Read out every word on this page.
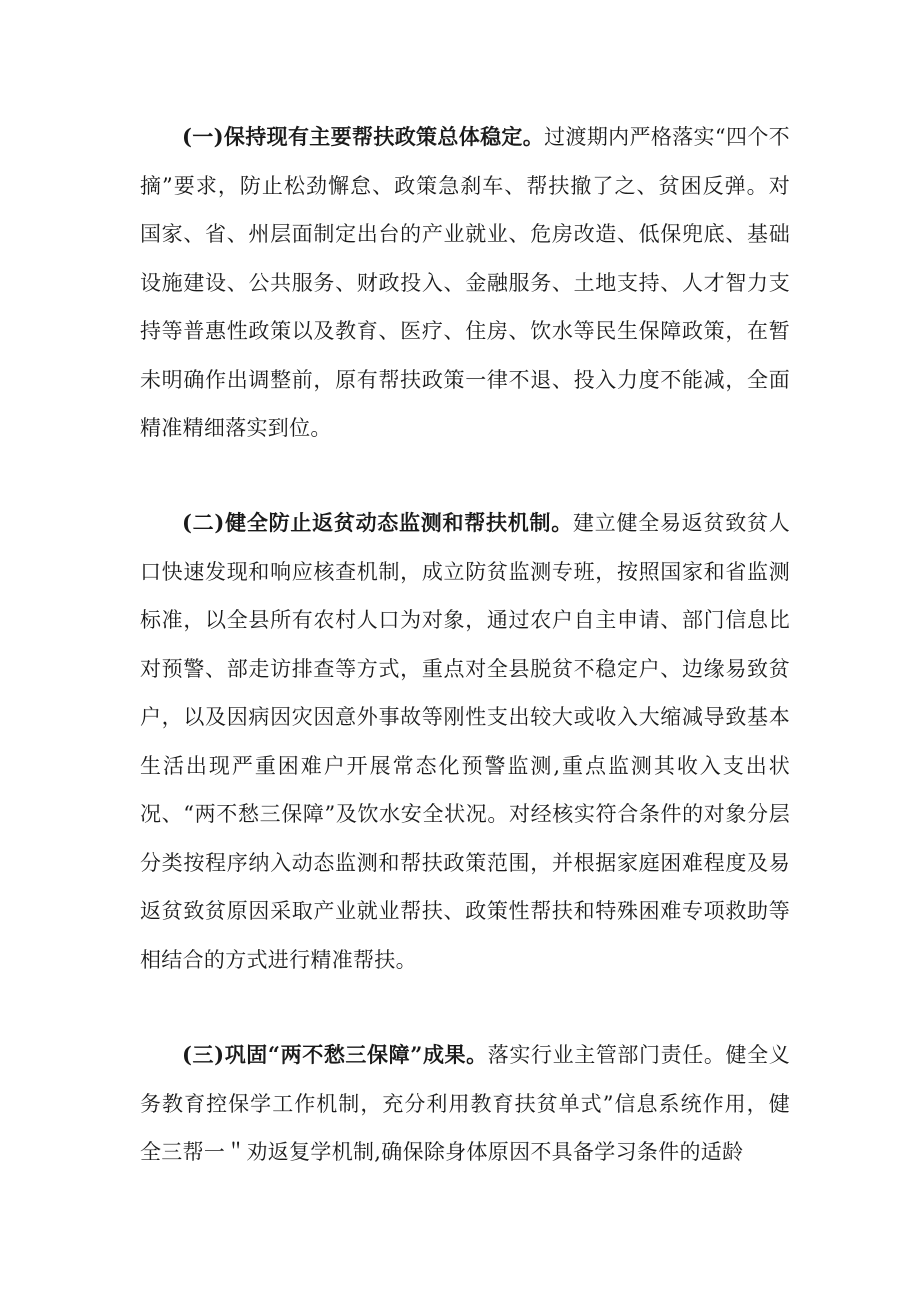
(一)保持现有主要帮扶政策总体稳定。过渡期内严格落实“四个不摘”要求，防止松劲懈怠、政策急刹车、帮扶撤了之、贫困反弹。对国家、省、州层面制定出台的产业就业、危房改造、低保兜底、基础设施建设、公共服务、财政投入、金融服务、土地支持、人才智力支持等普惠性政策以及教育、医疗、住房、饮水等民生保障政策，在暂未明确作出调整前，原有帮扶政策一律不退、投入力度不能减，全面精准精细落实到位。

(二)健全防止返贫动态监测和帮扶机制。建立健全易返贫致贫人口快速发现和响应核查机制，成立防贫监测专班，按照国家和省监测标准，以全县所有农村人口为对象，通过农户自主申请、部门信息比对预警、部走访排查等方式，重点对全县脱贫不稳定户、边缘易致贫户，以及因病因灾因意外事故等刚性支出较大或收入大缩减导致基本生活出现严重困难户开展常态化预警监测,重点监测其收入支出状况、“两不愁三保障”及饮水安全状况。对经核实符合条件的对象分层分类按程序纳入动态监测和帮扶政策范围，并根据家庭困难程度及易返贫致贫原因采取产业就业帮扶、政策性帮扶和特殊困难专项救助等相结合的方式进行精准帮扶。

(三)巩固“两不愁三保障”成果。落实行业主管部门责任。健全义务教育控保学工作机制，充分利用教育扶贫单式”信息系统作用，健全三帮一＂劝返复学机制,确保除身体原因不具备学习条件的适龄
